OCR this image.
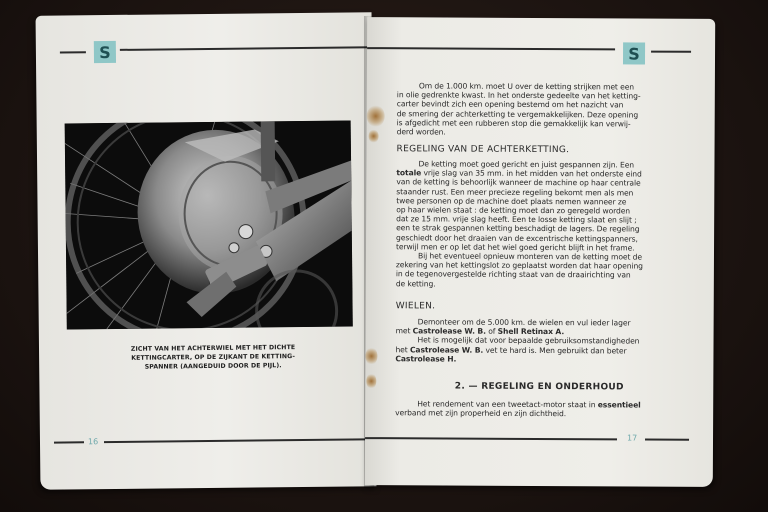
S
ZICHT VAN HET ACHTERWIEL MET HET DICHTE
KETTINGCARTER, OP DE ZIJKANT DE KETTING-
SPANNER (AANGEDUID DOOR DE PIJL).
16
S
Om de 1.000 km. moet U over de ketting strijken met een
in olie gedrenkte kwast. In het onderste gedeelte van het ketting-
carter bevindt zich een opening bestemd om het nazicht van
de smering der achterketting te vergemakkelijken. Deze opening
is afgedicht met een rubberen stop die gemakkelijk kan verwij-
derd worden.
REGELING VAN DE ACHTERKETTING.
De ketting moet goed gericht en juist gespannen zijn. Een
totale vrije slag van 35 mm. in het midden van het onderste eind
van de ketting is behoorlijk wanneer de machine op haar centrale
staander rust. Een meer precieze regeling bekomt men als men
twee personen op de machine doet plaats nemen wanneer ze
op haar wielen staat : de ketting moet dan zo geregeld worden
dat ze 15 mm. vrije slag heeft. Een te losse ketting slaat en slijt ;
een te strak gespannen ketting beschadigt de lagers. De regeling
geschiedt door het draaien van de excentrische kettingspanners,
terwijl men er op let dat het wiel goed gericht blijft in het frame.
Bij het eventueel opnieuw monteren van de ketting moet de
zekering van het kettingslot zo geplaatst worden dat haar opening
in de tegenovergestelde richting staat van de draairichting van
de ketting.
WIELEN.
Demonteer om de 5.000 km. de wielen en vul ieder lager
met Castrolease W. B. of Shell Retinax A.
Het is mogelijk dat voor bepaalde gebruiksomstandigheden
het Castrolease W. B. vet te hard is. Men gebruikt dan beter
Castrolease H.
2. — REGELING EN ONDERHOUD
Het rendement van een tweetact-motor staat in essentieel
verband met zijn properheid en zijn dichtheid.
17
